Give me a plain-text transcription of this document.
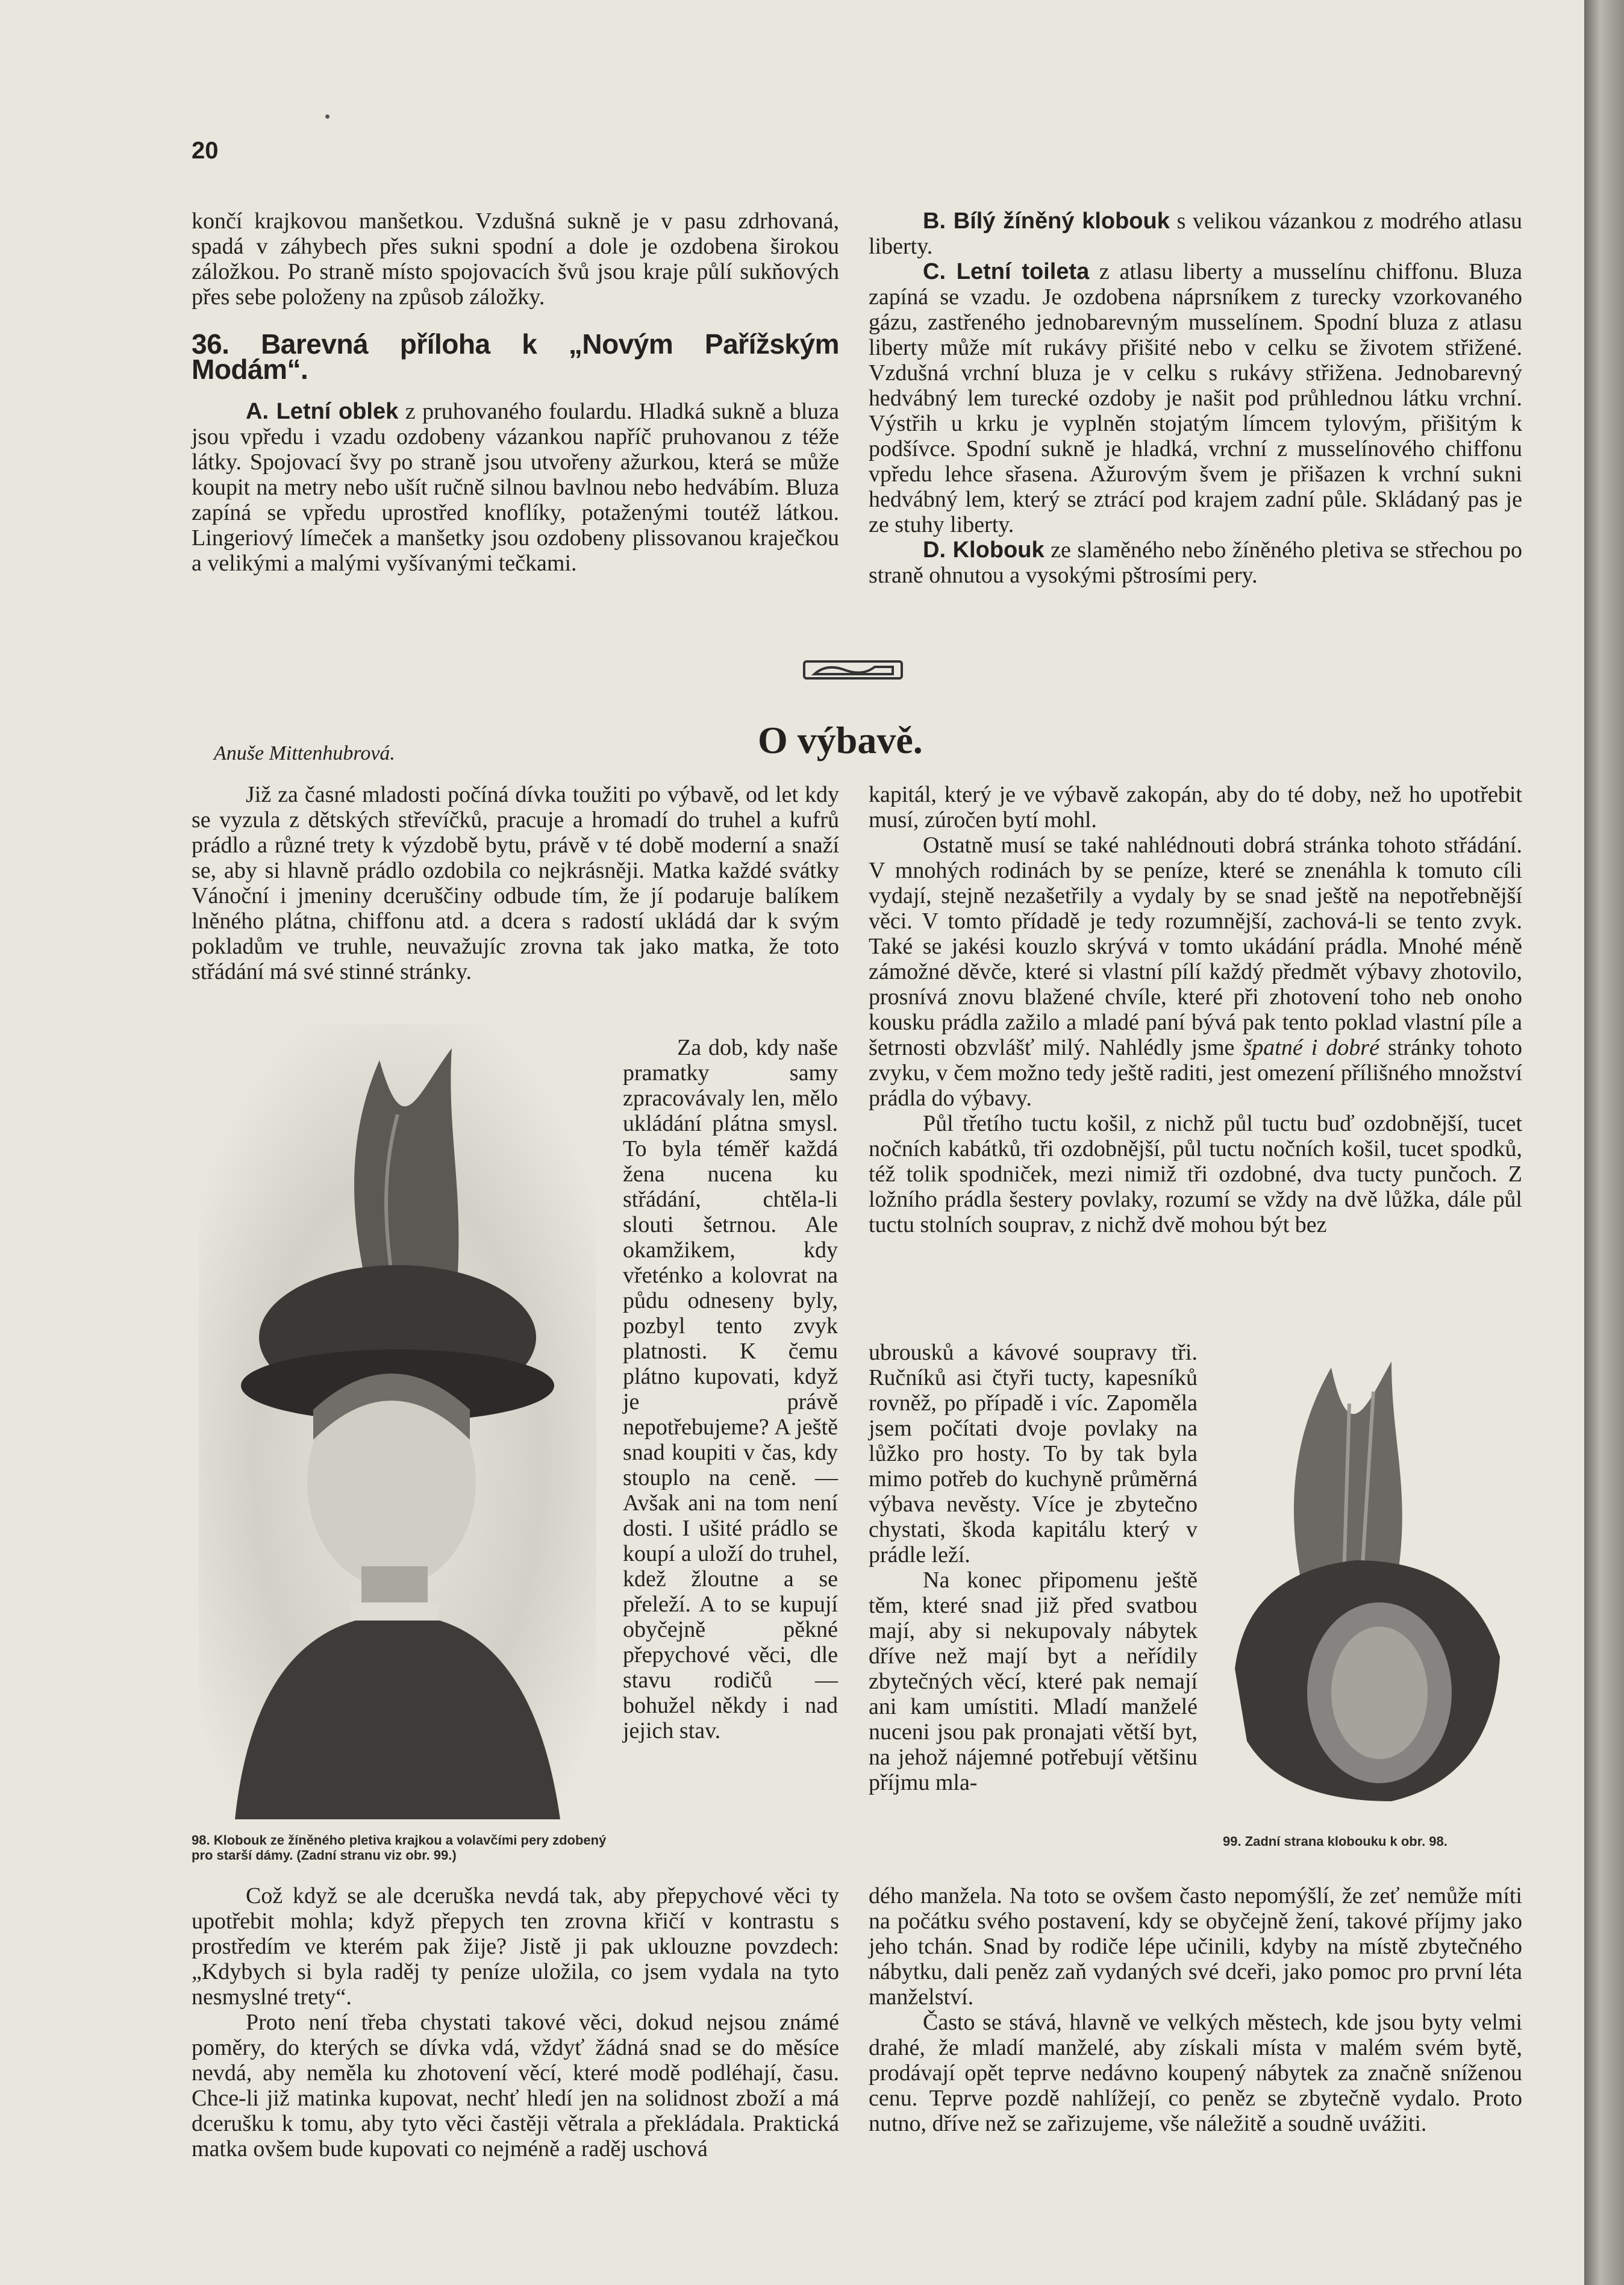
20

končí krajkovou manšetkou. Vzdušná sukně je v pasu zdrhovaná, spadá v záhybech přes sukni spodní a dole je ozdobena širokou záložkou. Po straně místo spojovacích švů jsou kraje půlí sukňových přes sebe položeny na způsob záložky.

36. Barevná příloha k „Novým Pařížským Modám“.

A. Letní oblek z pruhovaného foulardu. Hladká sukně a bluza jsou vpředu i vzadu ozdobeny vázankou napříč pruhovanou z téže látky. Spojovací švy po straně jsou utvořeny ažurkou, která se může koupit na metry nebo ušít ručně silnou bavlnou nebo hedvábím. Bluza zapíná se vpředu uprostřed knoflíky, potaženými toutéž látkou. Lingeriový límeček a manšetky jsou ozdobeny plissovanou kraječkou a velikými a malými vyšívanými tečkami.

B. Bílý žíněný klobouk s velikou vázankou z modrého atlasu liberty.

C. Letní toileta z atlasu liberty a musselínu chiffonu. Bluza zapíná se vzadu. Je ozdobena náprsníkem z turecky vzorkovaného gázu, zastřeného jednobarevným musselínem. Spodní bluza z atlasu liberty může mít rukávy přišité nebo v celku se životem střižené. Vzdušná vrchní bluza je v celku s rukávy střižena. Jednobarevný hedvábný lem turecké ozdoby je našit pod průhlednou látku vrchní. Výstřih u krku je vyplněn stojatým límcem tylovým, přišitým k podšívce. Spodní sukně je hladká, vrchní z musselínového chiffonu vpředu lehce sřasena. Ažurovým švem je přišazen k vrchní sukni hedvábný lem, který se ztrácí pod krajem zadní půle. Skládaný pas je ze stuhy liberty.

D. Klobouk ze slaměného nebo žíněného pletiva se střechou po straně ohnutou a vysokými pštrosími pery.

Anuše Mittenhubrová.	O výbavě.

Již za časné mladosti počíná dívka toužiti po výbavě, od let kdy se vyzula z dětských střevíčků, pracuje a hromadí do truhel a kufrů prádlo a různé trety k výzdobě bytu, právě v té době moderní a snaží se, aby si hlavně prádlo ozdobila co nejkrásněji. Matka každé svátky Vánoční i jmeniny dceruščiny odbude tím, že jí podaruje balíkem lněného plátna, chiffonu atd. a dcera s radostí ukládá dar k svým pokladům ve truhle, neuvažujíc zrovna tak jako matka, že toto střádání má své stinné stránky.

98. Klobouk ze žíněného pletiva krajkou a volavčími pery zdobený pro starší dámy. (Zadní stranu viz obr. 99.)

Za dob, kdy naše pramatky samy zpracovávaly len, mělo ukládání plátna smysl. To byla téměř každá žena nucena ku střádání, chtěla-li slouti šetrnou. Ale okamžikem, kdy vřeténko a kolovrat na půdu odneseny byly, pozbyl tento zvyk platnosti. K čemu plátno kupovati, když je právě nepotřebujeme? A ještě snad koupiti v čas, kdy stouplo na ceně. — Avšak ani na tom není dosti. I ušité prádlo se koupí a uloží do truhel, kdež žloutne a se přeleží. A to se kupují obyčejně pěkné přepychové věci, dle stavu rodičů — bohužel někdy i nad jejich stav.

Což když se ale dceruška nevdá tak, aby přepychové věci ty upotřebit mohla; když přepych ten zrovna křičí v kontrastu s prostředím ve kterém pak žije? Jistě ji pak uklouzne povzdech: „Kdybych si byla raděj ty peníze uložila, co jsem vydala na tyto nesmyslné trety“.

Proto není třeba chystati takové věci, dokud nejsou známé poměry, do kterých se dívka vdá, vždyť žádná snad se do měsíce nevdá, aby neměla ku zhotovení věcí, které modě podléhají, času. Chce-li již matinka kupovat, nechť hledí jen na solidnost zboží a má dcerušku k tomu, aby tyto věci častěji větrala a překládala. Praktická matka ovšem bude kupovati co nejméně a raděj uschová

kapitál, který je ve výbavě zakopán, aby do té doby, než ho upotřebit musí, zúročen bytí mohl.

Ostatně musí se také nahlédnouti dobrá stránka tohoto střádání. V mnohých rodinách by se peníze, které se znenáhla k tomuto cíli vydají, stejně nezašetřily a vydaly by se snad ještě na nepotřebnější věci. V tomto přídadě je tedy rozumnější, zachová-li se tento zvyk. Také se jakési kouzlo skrývá v tomto ukádání prádla. Mnohé méně zámožné děvče, které si vlastní pílí každý předmět výbavy zhotovilo, prosnívá znovu blažené chvíle, které při zhotovení toho neb onoho kousku prádla zažilo a mladé paní bývá pak tento poklad vlastní píle a šetrnosti obzvlášť milý. Nahlédly jsme špatné i dobré stránky tohoto zvyku, v čem možno tedy ještě raditi, jest omezení přílišného množství prádla do výbavy.

Půl třetího tuctu košil, z nichž půl tuctu buď ozdobnější, tucet nočních kabátků, tři ozdobnější, půl tuctu nočních košil, tucet spodků, též tolik spodniček, mezi nimiž tři ozdobné, dva tucty punčoch. Z ložního prádla šestery povlaky, rozumí se vždy na dvě lůžka, dále půl tuctu stolních souprav, z nichž dvě mohou být bez

ubrousků a kávové soupravy tři. Ručníků asi čtyři tucty, kapesníků rovněž, po případě i víc. Zapoměla jsem počítati dvoje povlaky na lůžko pro hosty. To by tak byla mimo potřeb do kuchyně průměrná výbava nevěsty. Více je zbytečno chystati, škoda kapitálu který v prádle leží.

Na konec připomenu ještě těm, které snad již před svatbou mají, aby si nekupovaly nábytek dříve než mají byt a neřídily zbytečných věcí, které pak nemají ani kam umístiti. Mladí manželé nuceni jsou pak pronajati větší byt, na jehož nájemné potřebují většinu příjmu mla-

99. Zadní strana klobouku k obr. 98.

dého manžela. Na toto se ovšem často nepomýšlí, že zeť nemůže míti na počátku svého postavení, kdy se obyčejně žení, takové příjmy jako jeho tchán. Snad by rodiče lépe učinili, kdyby na místě zbytečného nábytku, dali peněz zaň vydaných své dceři, jako pomoc pro první léta manželství.

Často se stává, hlavně ve velkých městech, kde jsou byty velmi drahé, že mladí manželé, aby získali místa v malém svém bytě, prodávají opět teprve nedávno koupený nábytek za značně sníženou cenu. Teprve pozdě nahlížejí, co peněz se zbytečně vydalo. Proto nutno, dříve než se zařizujeme, vše náležitě a soudně uvážiti.
